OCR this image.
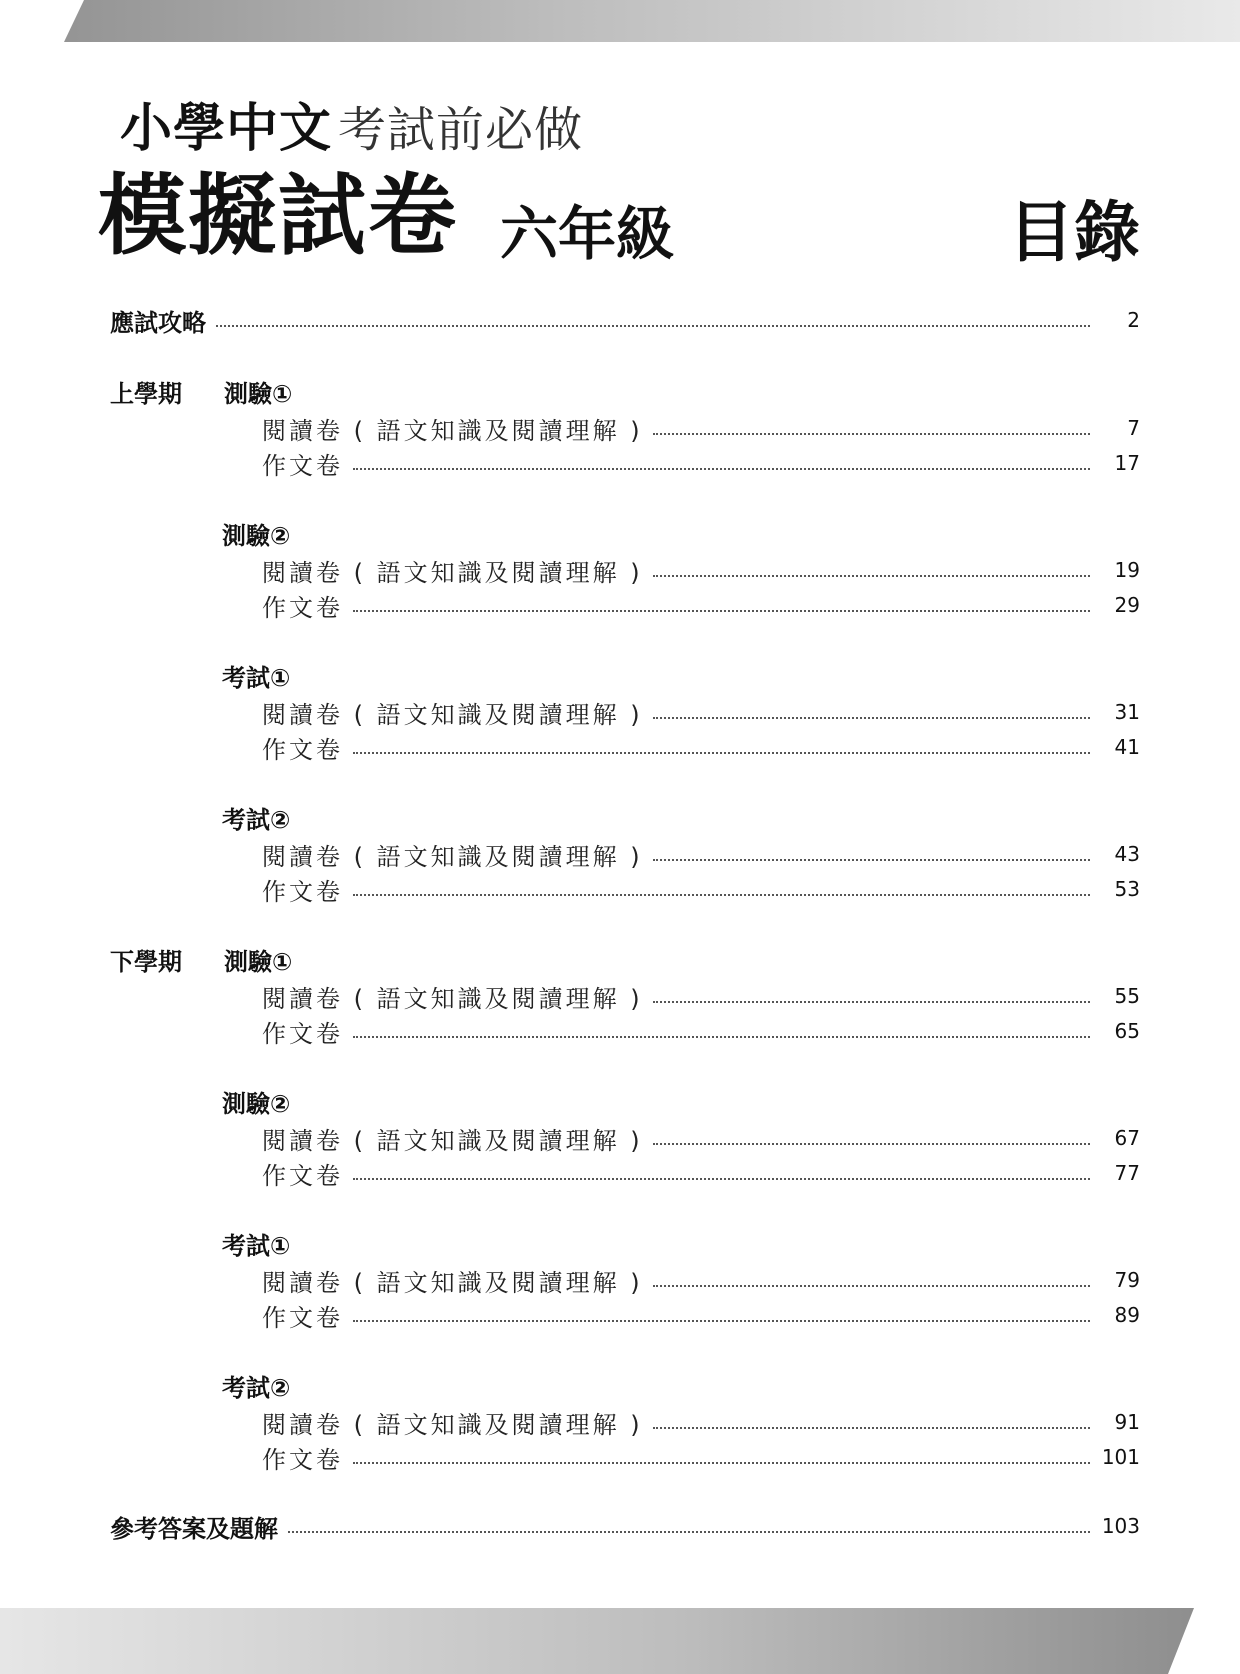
小學中文 考試前必做
模擬試卷 六年級	目錄
應試攻略	2
上學期 測驗①
閱讀卷 ( 語文知識及閱讀理解 )	7
作文卷	17
測驗②
閱讀卷 ( 語文知識及閱讀理解 )	19
作文卷	29
考試①
閱讀卷 ( 語文知識及閱讀理解 )	31
作文卷	41
考試②
閱讀卷 ( 語文知識及閱讀理解 )	43
作文卷	53
下學期 測驗①
閱讀卷 ( 語文知識及閱讀理解 )	55
作文卷	65
測驗②
閱讀卷 ( 語文知識及閱讀理解 )	67
作文卷	77
考試①
閱讀卷 ( 語文知識及閱讀理解 )	79
作文卷	89
考試②
閱讀卷 ( 語文知識及閱讀理解 )	91
作文卷	101
參考答案及題解	103
